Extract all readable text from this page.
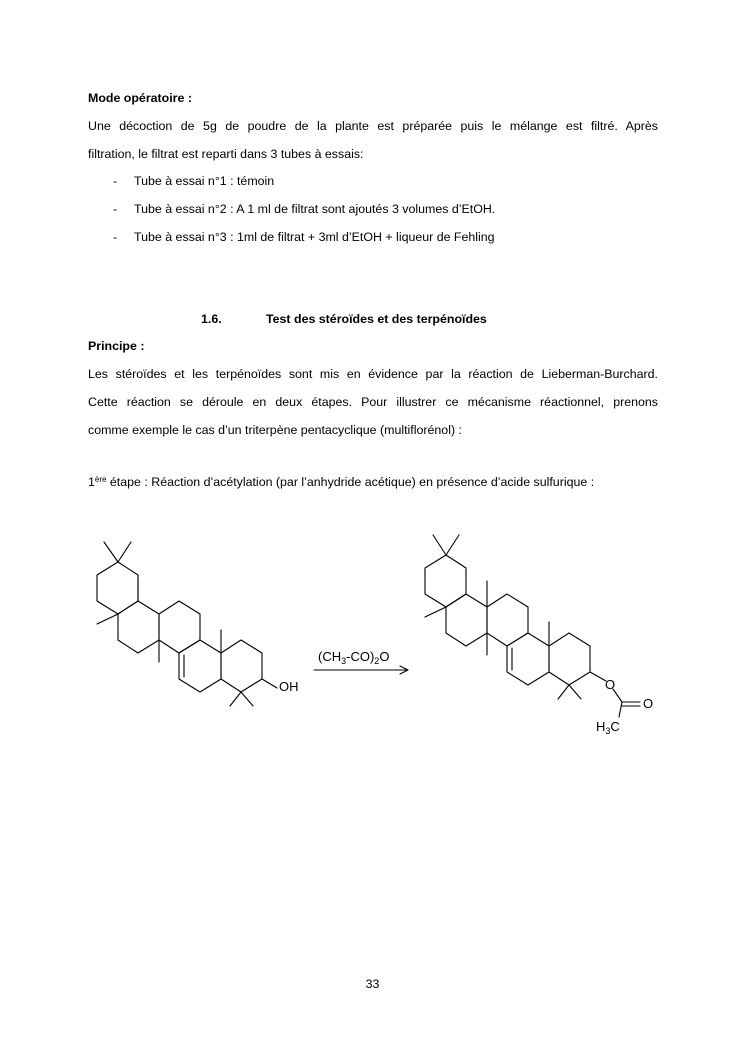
Mode opératoire :
Une décoction de 5g de poudre de la plante est préparée puis le mélange est filtré. Après
filtration, le filtrat est reparti dans 3 tubes à essais:
- Tube à essai n°1 : témoin
- Tube à essai n°2 : A 1 ml de filtrat sont ajoutés 3 volumes d’EtOH.
- Tube à essai n°3 : 1ml de filtrat + 3ml d’EtOH + liqueur de Fehling
1.6.	Test des stéroïdes et des terpénoïdes
Principe :
Les stéroïdes et les terpénoïdes sont mis en évidence par la réaction de Lieberman-Burchard.
Cette réaction se déroule en deux étapes. Pour illustrer ce mécanisme réactionnel, prenons
comme exemple le cas d’un triterpène pentacyclique (multiflorénol) :
1ère étape : Réaction d’acétylation (par l’anhydride acétique) en présence d’acide sulfurique :
OH
$(CH_3-CO)_2O$
O
O
$H_3C$
33
